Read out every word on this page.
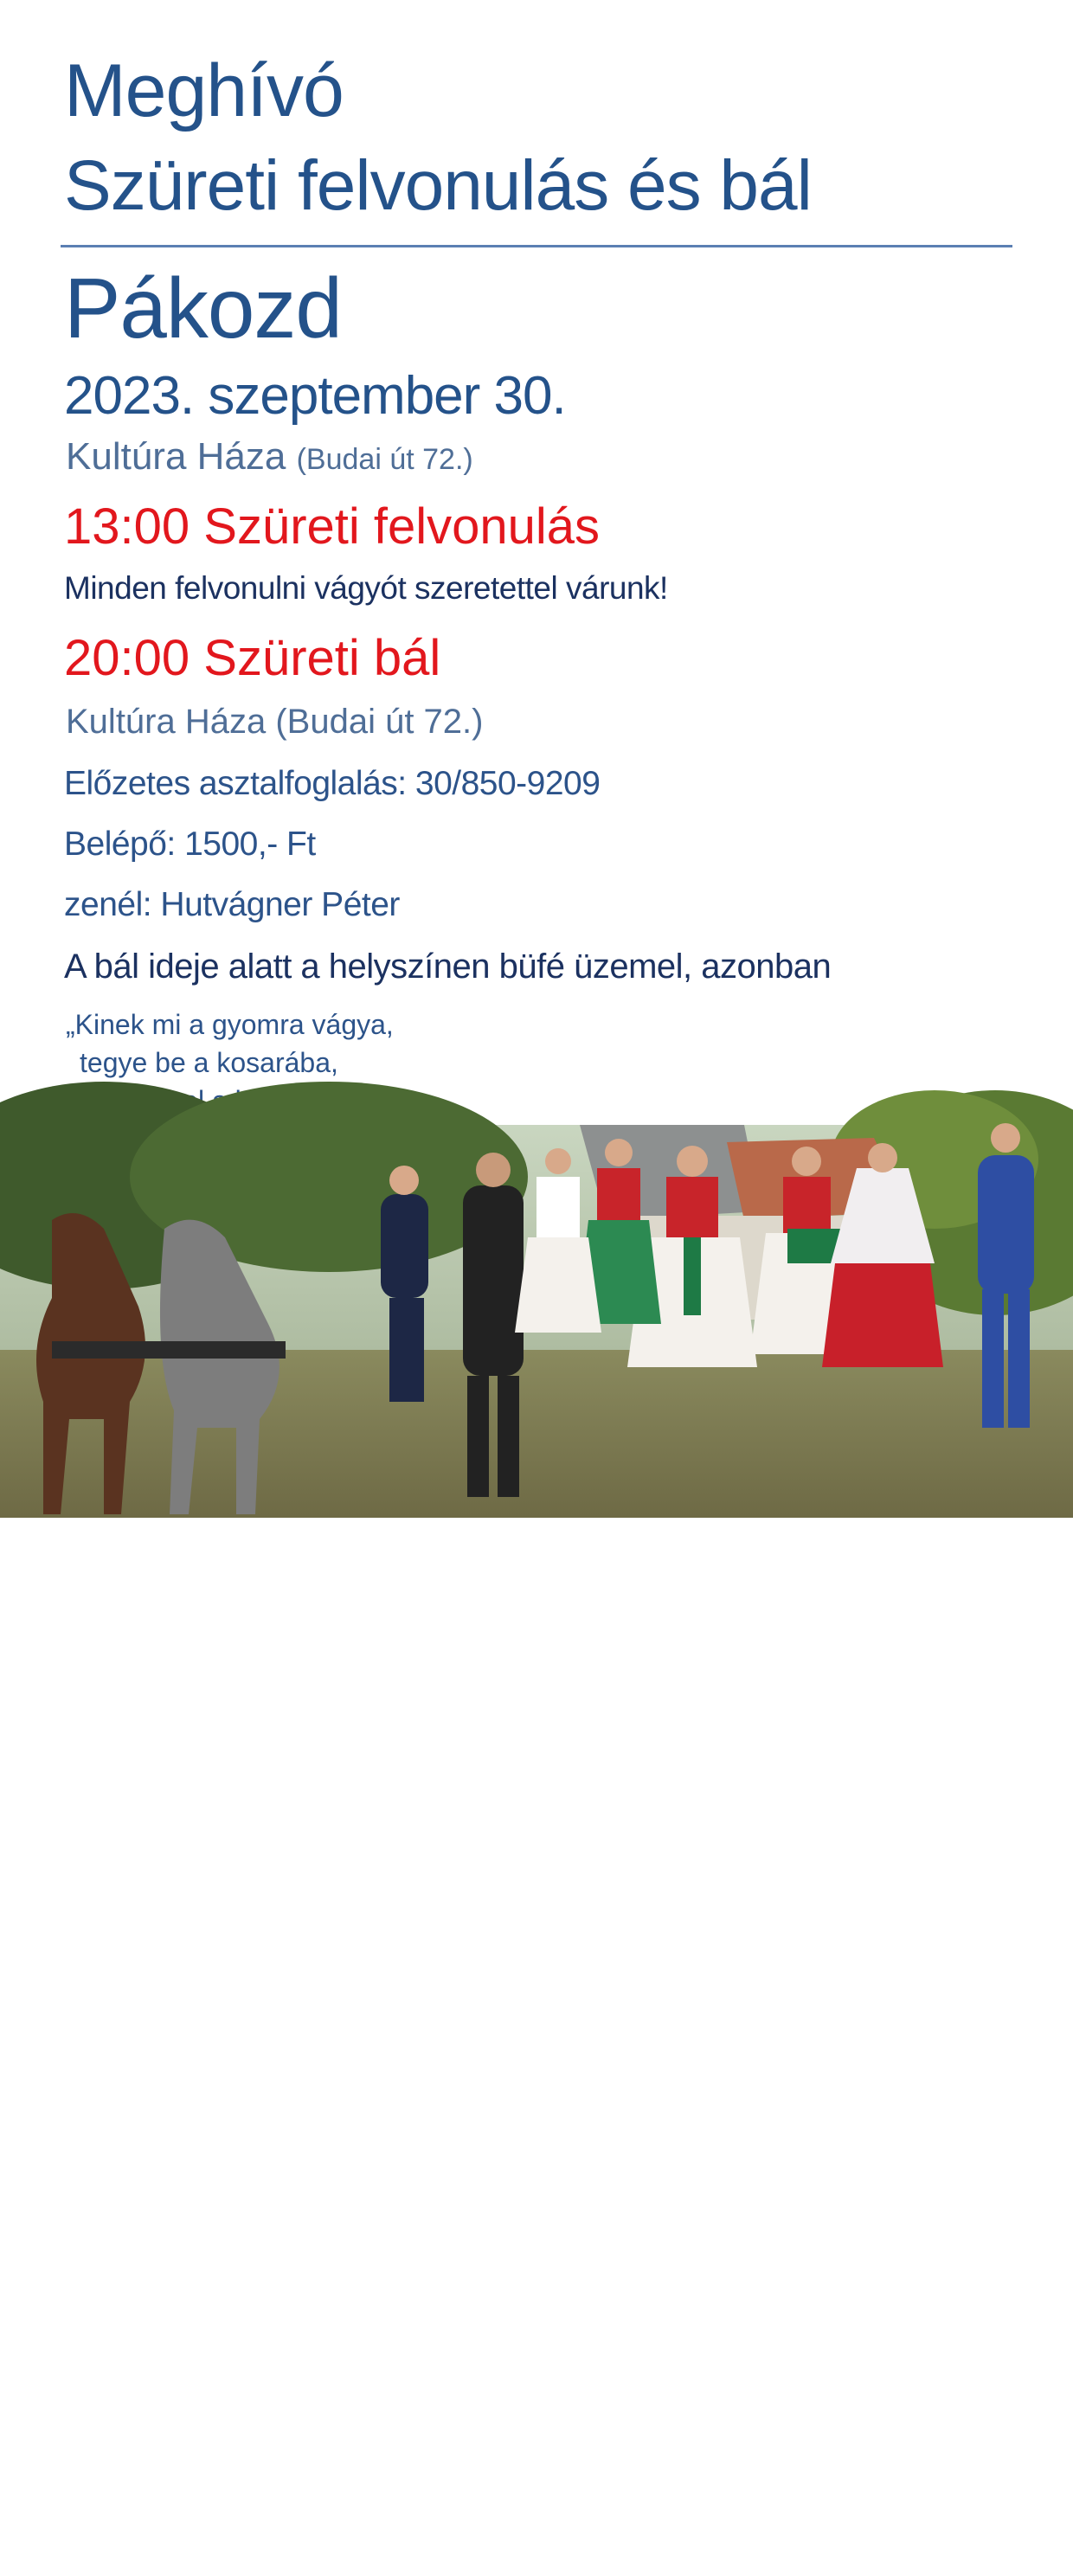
Meghívó
Szüreti felvonulás és bál
Pákozd
2023. szeptember 30.
Kultúra Háza (Budai út 72.)
13:00 Szüreti felvonulás
Minden felvonulni vágyót szeretettel várunk!
20:00 Szüreti bál
Kultúra Háza (Budai út 72.)
Előzetes asztalfoglalás: 30/850-9209
Belépő: 1500,- Ft
zenél: Hutvágner Péter
A bál ideje alatt a helyszínen büfé üzemel, azonban
„Kinek mi a gyomra vágya,
tegye be a kosarába,
a változtatás jogát a rendezőség fenntartja-
